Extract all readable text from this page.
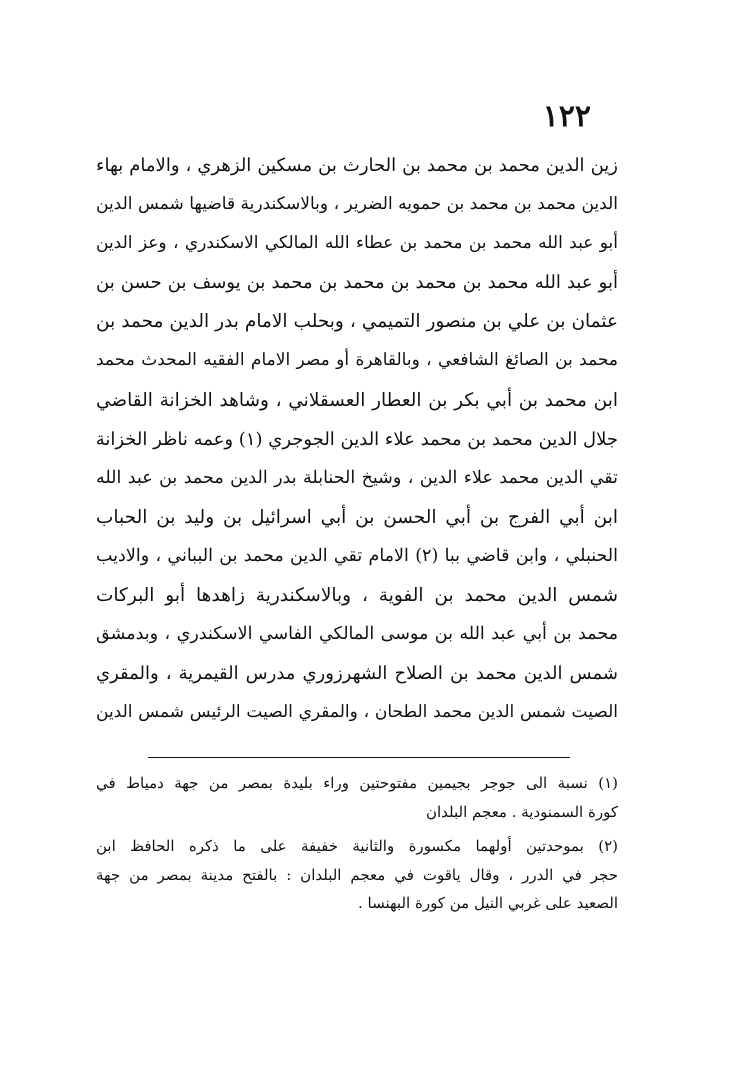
١٢٢
زين الدين محمد بن محمد بن الحارث بن مسكين الزهري ، والامام بهاء
الدين محمد بن محمد بن حمويه الضرير ، وبالاسكندرية قاضيها شمس الدين
أبو عبد الله محمد بن محمد بن عطاء الله المالكي الاسكندري ، وعز الدين
أبو عبد الله محمد بن محمد بن محمد بن محمد بن يوسف بن حسن بن
عثمان بن علي بن منصور التميمي ، وبحلب الامام بدر الدين محمد بن
محمد بن الصائغ الشافعي ، وبالقاهرة أو مصر الامام الفقيه المحدث محمد
ابن محمد بن أبي بكر بن العطار العسقلاني ، وشاهد الخزانة القاضي
جلال الدين محمد بن محمد علاء الدين الجوجري (١) وعمه ناظر الخزانة
تقي الدين محمد علاء الدين ، وشيخ الحنابلة بدر الدين محمد بن عبد الله
ابن أبي الفرج بن أبي الحسن بن أبي اسرائيل بن وليد بن الحباب
الحنبلي ، وابن قاضي ببا (٢) الامام تقي الدين محمد بن البباني ، والاديب
شمس الدين محمد بن الفوية ، وبالاسكندرية زاهدها أبو البركات
محمد بن أبي عبد الله بن موسى المالكي الفاسي الاسكندري ، وبدمشق
شمس الدين محمد بن الصلاح الشهرزوري مدرس القيمرية ، والمقري
الصيت شمس الدين محمد الطحان ، والمقري الصيت الرئيس شمس الدين
(١) نسبة الى جوجر بجيمين مفتوحتين وراء بليدة بمصر من جهة دمياط في
كورة السمنودية . معجم البلدان
(٢) بموحدتين أولهما مكسورة والثانية خفيفة على ما ذكره الحافظ ابن
حجر في الدرر ، وقال ياقوت في معجم البلدان : بالفتح مدينة بمصر من جهة
الصعيد على غربي النيل من كورة البهنسا .
